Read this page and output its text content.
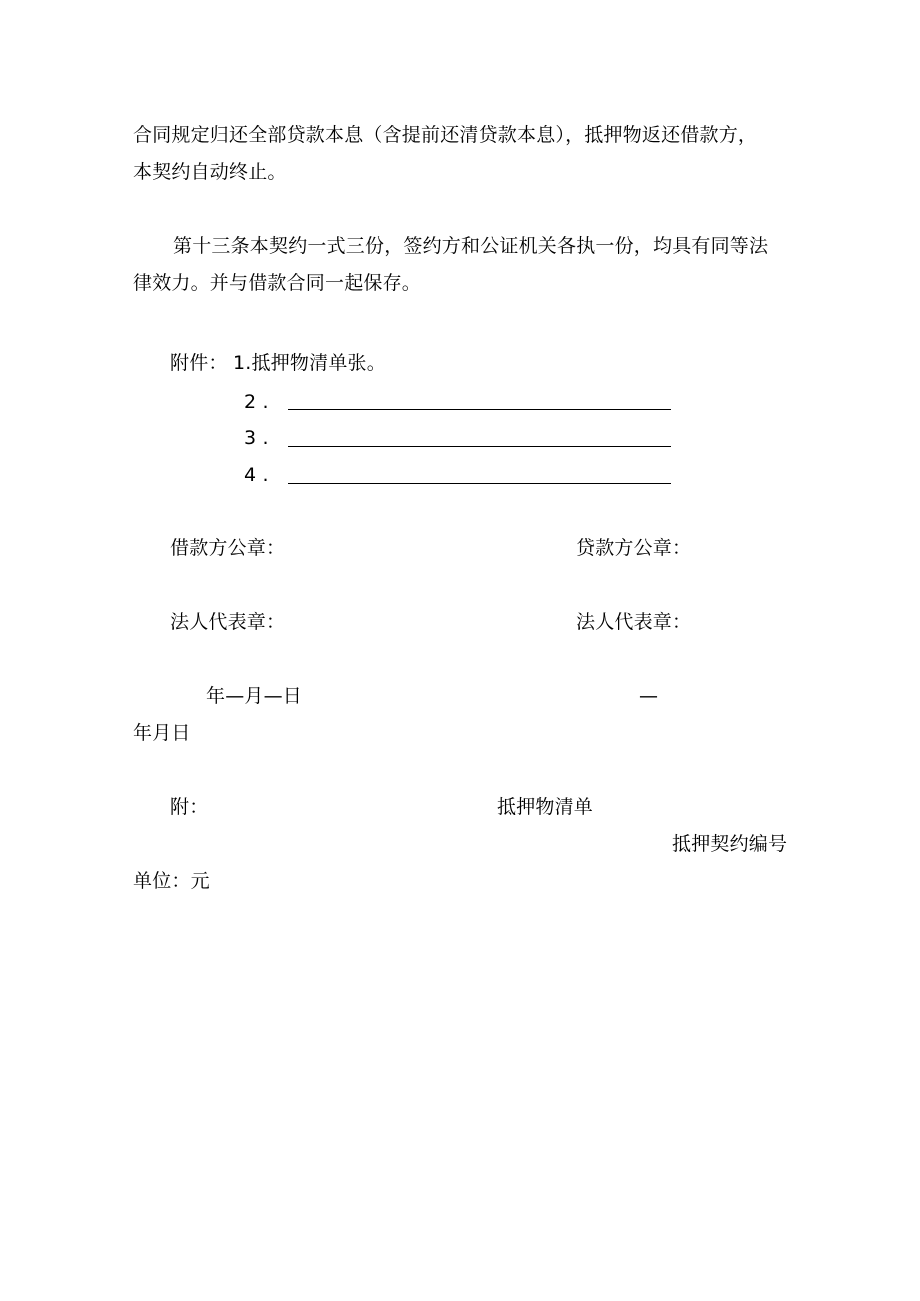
合同规定归还全部贷款本息（含提前还清贷款本息），抵押物返还借款方，
本契约自动终止。
第十三条本契约一式三份，签约方和公证机关各执一份，均具有同等法
律效力。并与借款合同一起保存。
附件： 1.抵押物清单张。
2 .
3 .
4 .
借款方公章：	贷款方公章：
法人代表章：	法人代表章：
年—月—日	—
年月日
附：	抵押物清单
抵押契约编号
单位：元
